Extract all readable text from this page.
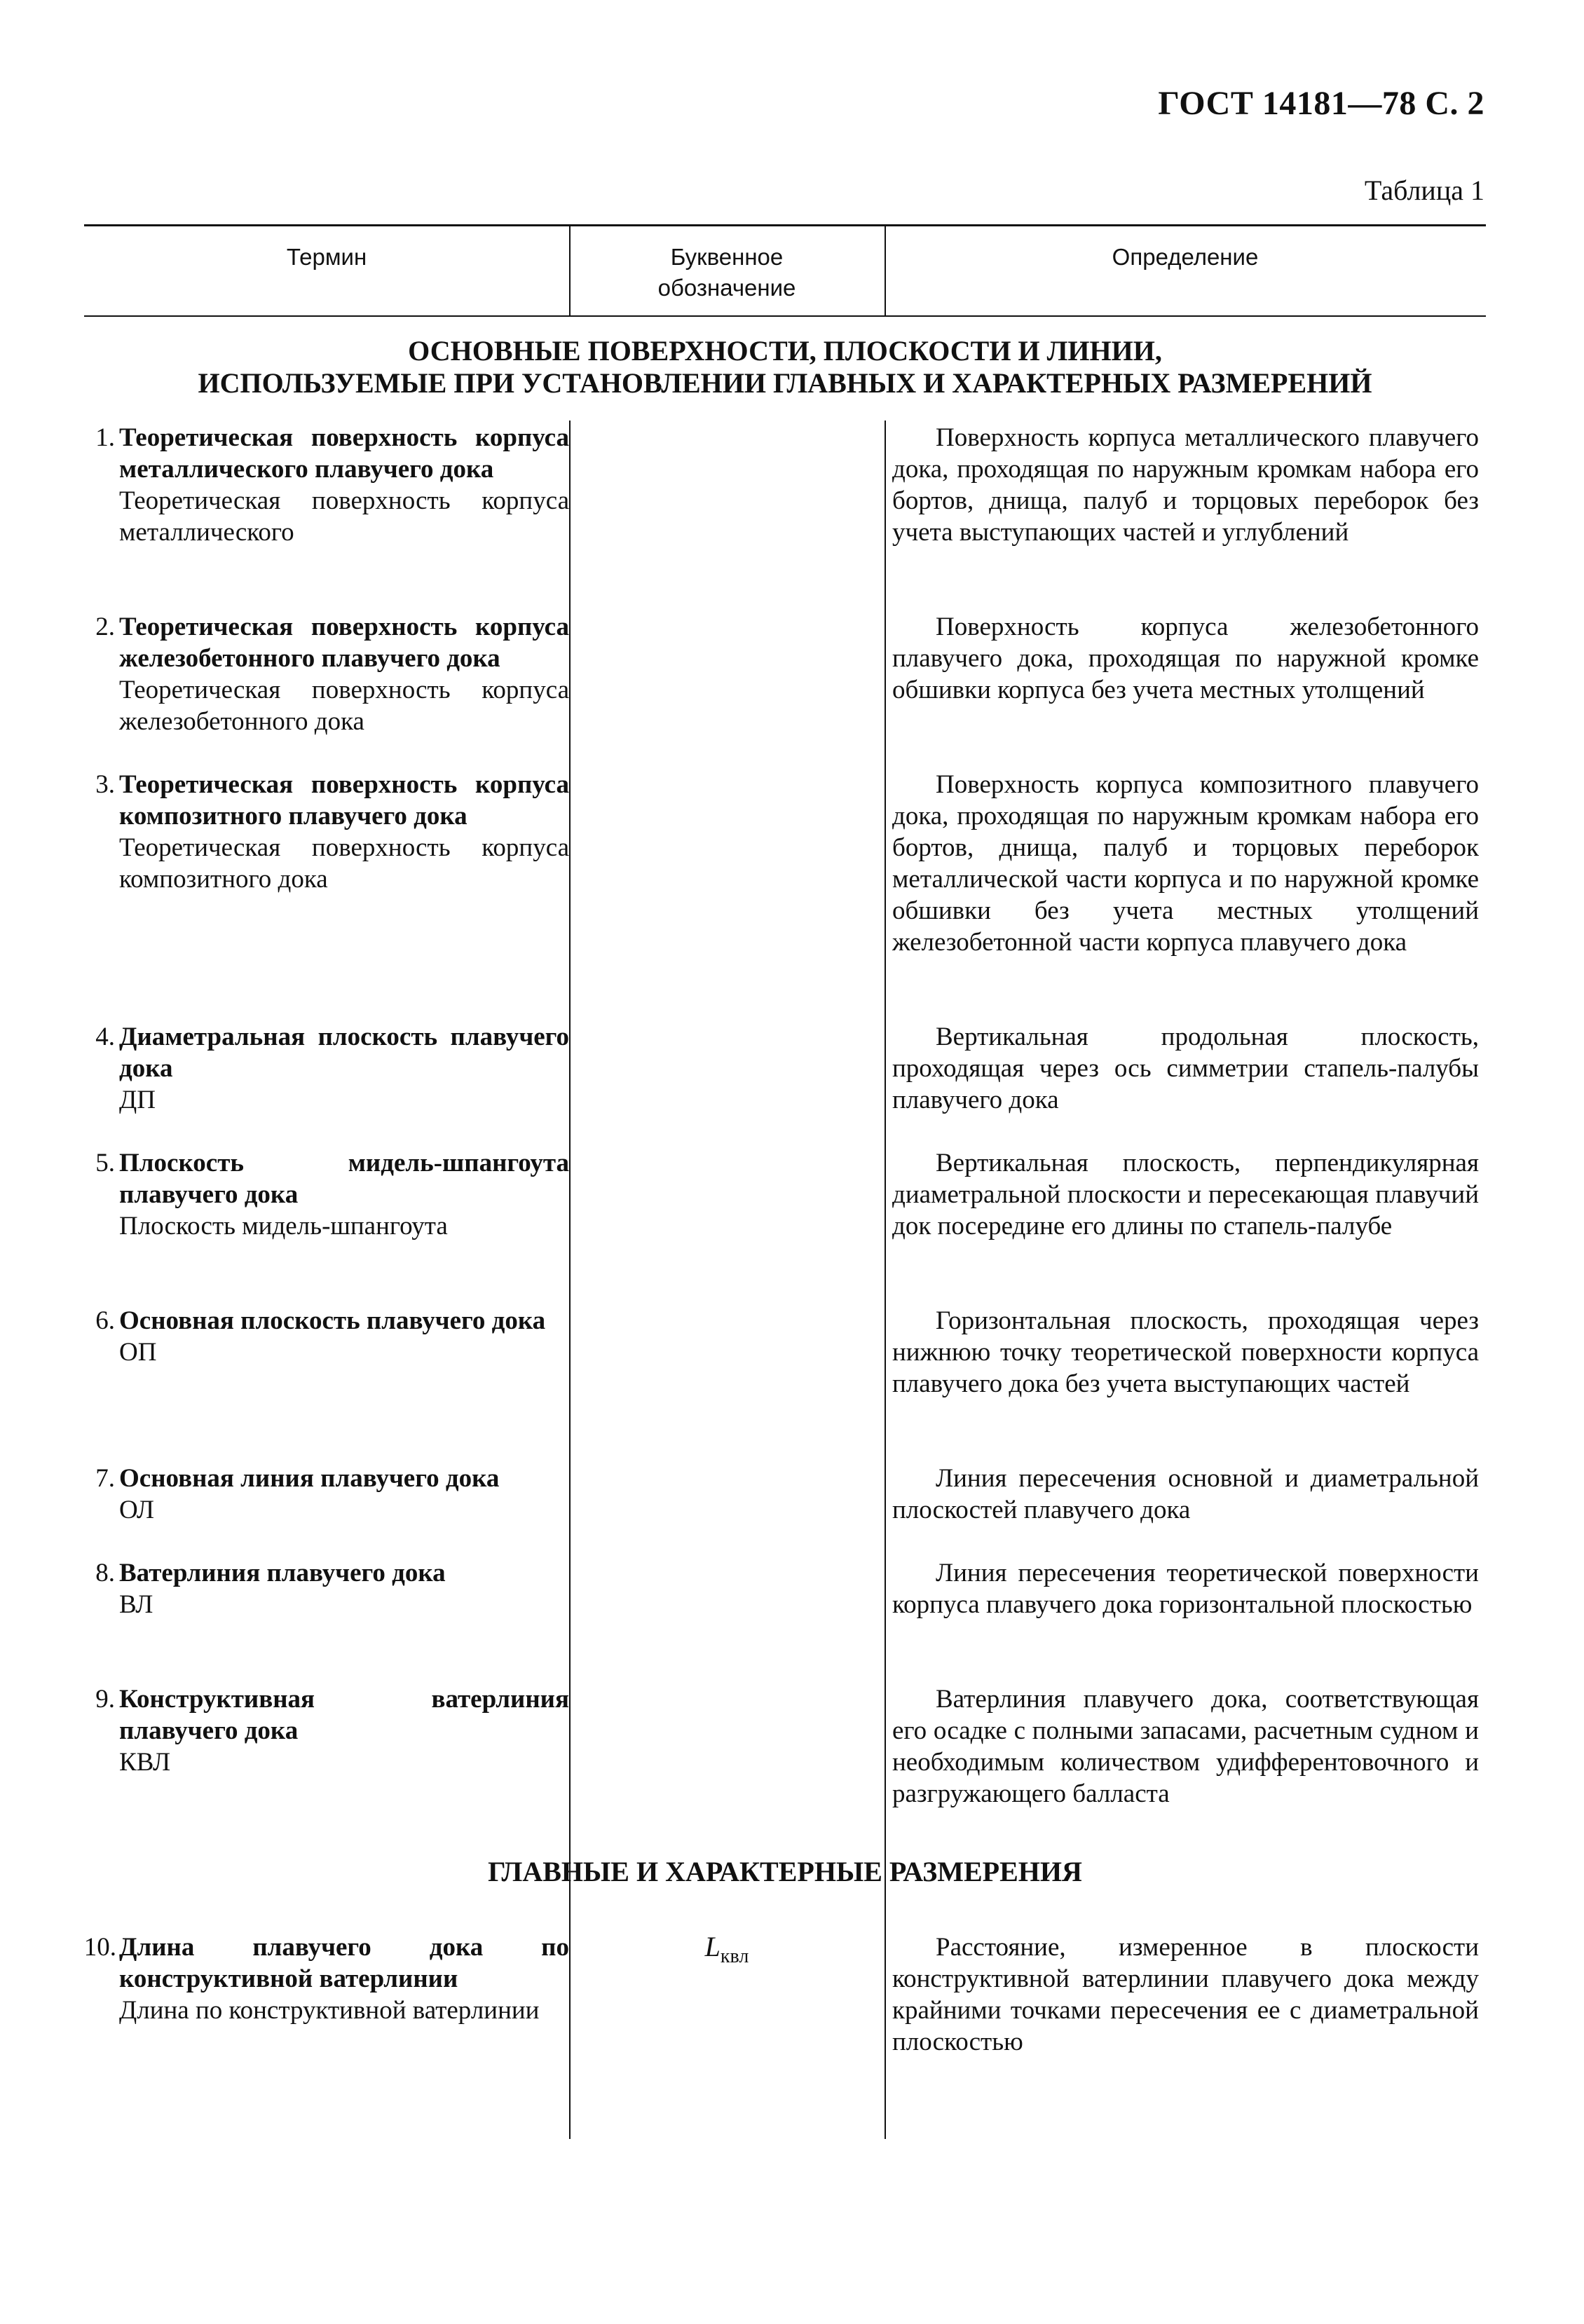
ГОСТ 14181—78 С. 2
Таблица 1
Термин	Буквенное
обозначение
Определение
ОСНОВНЫЕ ПОВЕРХНОСТИ, ПЛОСКОСТИ И ЛИНИИ,
ИСПОЛЬЗУЕМЫЕ ПРИ УСТАНОВЛЕНИИ ГЛАВНЫХ И ХАРАКТЕРНЫХ РАЗМЕРЕНИЙ
1. Теоретическая поверхность корпуса металлического плавучего дока
Теоретическая поверхность корпуса металлического
Поверхность корпуса металлического плавучего дока, проходящая по наружным кромкам набора его бортов, днища, палуб и торцовых переборок без учета выступающих частей и углублений
2. Теоретическая поверхность корпуса железобетонного плавучего дока
Теоретическая поверхность корпуса железобетонного дока
Поверхность корпуса железобетонного плавучего дока, проходящая по наружной кромке обшивки корпуса без учета местных утолщений
3. Теоретическая поверхность корпуса композитного плавучего дока
Теоретическая поверхность корпуса композитного дока
Поверхность корпуса композитного плавучего дока, проходящая по наружным кромкам набора его бортов, днища, палуб и торцовых переборок металлической части корпуса и по наружной кромке обшивки без учета местных утолщений железобетонной части корпуса плавучего дока
4. Диаметральная плоскость плавучего дока
ДП
Вертикальная продольная плоскость, проходящая через ось симметрии стапель-палубы плавучего дока
5. Плоскость мидель-шпангоута плавучего дока
Плоскость мидель-шпангоута
Вертикальная плоскость, перпендикулярная диаметральной плоскости и пересекающая плавучий док посередине его длины по стапель-палубе
6. Основная плоскость плавучего дока
ОП
Горизонтальная плоскость, проходящая через нижнюю точку теоретической поверхности корпуса плавучего дока без учета выступающих частей
7. Основная линия плавучего дока
ОЛ
Линия пересечения основной и диаметральной плоскостей плавучего дока
8. Ватерлиния плавучего дока
ВЛ
Линия пересечения теоретической поверхности корпуса плавучего дока горизонтальной плоскостью
9. Конструктивная ватерлиния плавучего дока
КВЛ
Ватерлиния плавучего дока, соответствующая его осадке с полными запасами, расчетным судном и необходимым количеством удифферентовочного и разгружающего балласта
ГЛАВНЫЕ И ХАРАКТЕРНЫЕ РАЗМЕРЕНИЯ
10. Длина плавучего дока по конструктивной ватерлинии
Длина по конструктивной ватерлинии
$L_{квл}$	Расстояние, измеренное в плоскости конструктивной ватерлинии плавучего дока между крайними точками пересечения ее с диаметральной плоскостью
